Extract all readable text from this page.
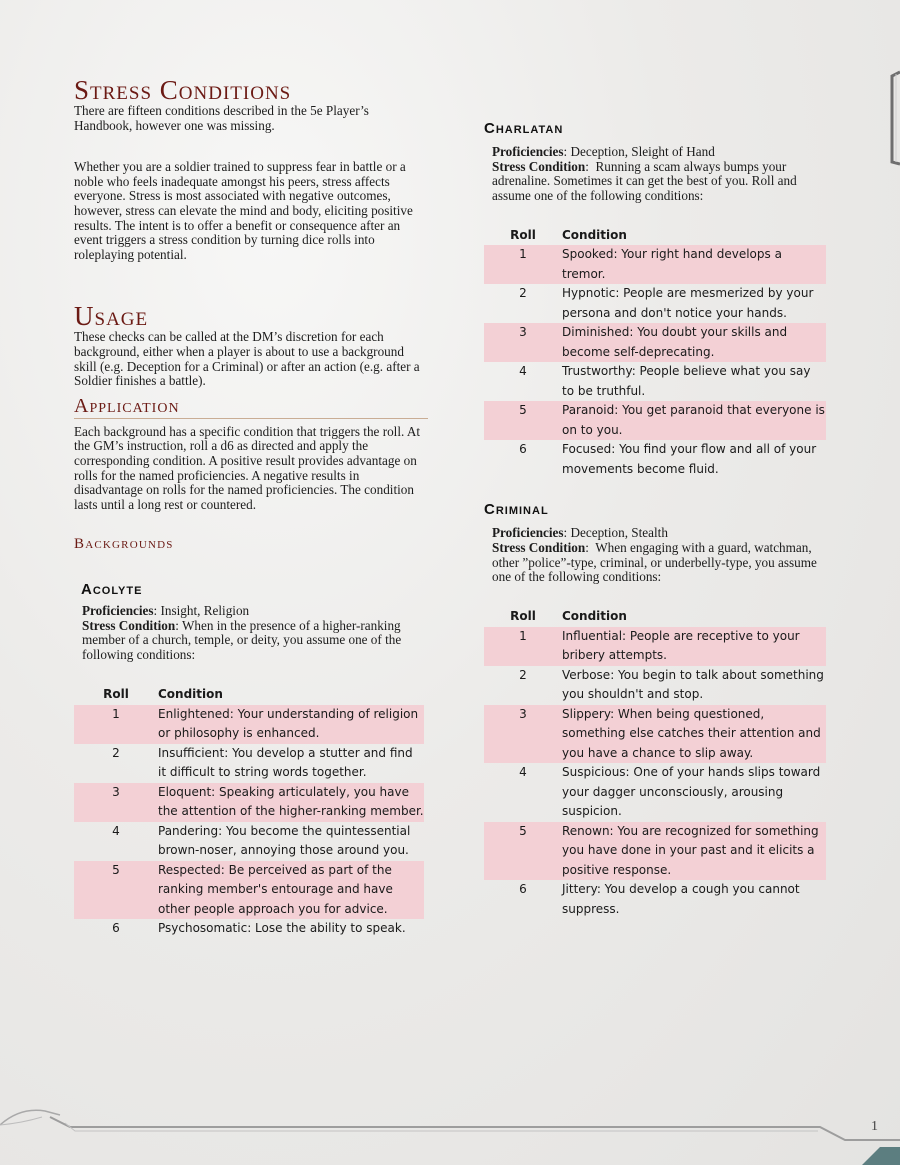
Stress Conditions

There are fifteen conditions described in the 5e Player’s Handbook, however one was missing.

Whether you are a soldier trained to suppress fear in battle or a noble who feels inadequate amongst his peers, stress affects everyone. Stress is most associated with negative outcomes, however, stress can elevate the mind and body, eliciting positive results. The intent is to offer a benefit or consequence after an event triggers a stress condition by turning dice rolls into roleplaying potential.

Usage

These checks can be called at the DM’s discretion for each background, either when a player is about to use a background skill (e.g. Deception for a Criminal) or after an action (e.g. after a Soldier finishes a battle).

Application

Each background has a specific condition that triggers the roll. At the GM’s instruction, roll a d6 as directed and apply the corresponding condition. A positive result provides advantage on rolls for the named proficiencies. A negative results in disadvantage on rolls for the named proficiencies. The condition lasts until a long rest or countered.

Backgrounds
Acolyte

Proficiencies: Insight, Religion

Stress Condition: When in the presence of a higher-ranking member of a church, temple, or deity, you assume one of the following conditions:

Roll	Condition
1	Enlightened: Your understanding of religion or philosophy is enhanced.
2	Insufficient: You develop a stutter and find it difficult to string words together.
3	Eloquent: Speaking articulately, you have the attention of the higher-ranking member.
4	Pandering: You become the quintessential brown-noser, annoying those around you.
5	Respected: Be perceived as part of the ranking member's entourage and have other people approach you for advice.
6	Psychosomatic: Lose the ability to speak.
Charlatan

Proficiencies: Deception, Sleight of Hand

Stress Condition:  Running a scam always bumps your adrenaline. Sometimes it can get the best of you. Roll and assume one of the following conditions:

Roll	Condition
1	Spooked: Your right hand develops a tremor.
2	Hypnotic: People are mesmerized by your persona and don't notice your hands.
3	Diminished: You doubt your skills and become self-deprecating.
4	Trustworthy: People believe what you say to be truthful.
5	Paranoid: You get paranoid that everyone is on to you.
6	Focused: You find your flow and all of your movements become fluid.
Criminal

Proficiencies: Deception, Stealth

Stress Condition:  When engaging with a guard, watchman, other ”police”-type, criminal, or underbelly-type, you assume one of the following conditions:

Roll	Condition
1	Influential: People are receptive to your bribery attempts.
2	Verbose: You begin to talk about something you shouldn't and stop.
3	Slippery: When being questioned, something else catches their attention and you have a chance to slip away.
4	Suspicious: One of your hands slips toward your dagger unconsciously, arousing suspicion.
5	Renown: You are recognized for something you have done in your past and it elicits a positive response.
6	Jittery: You develop a cough you cannot suppress.
1
